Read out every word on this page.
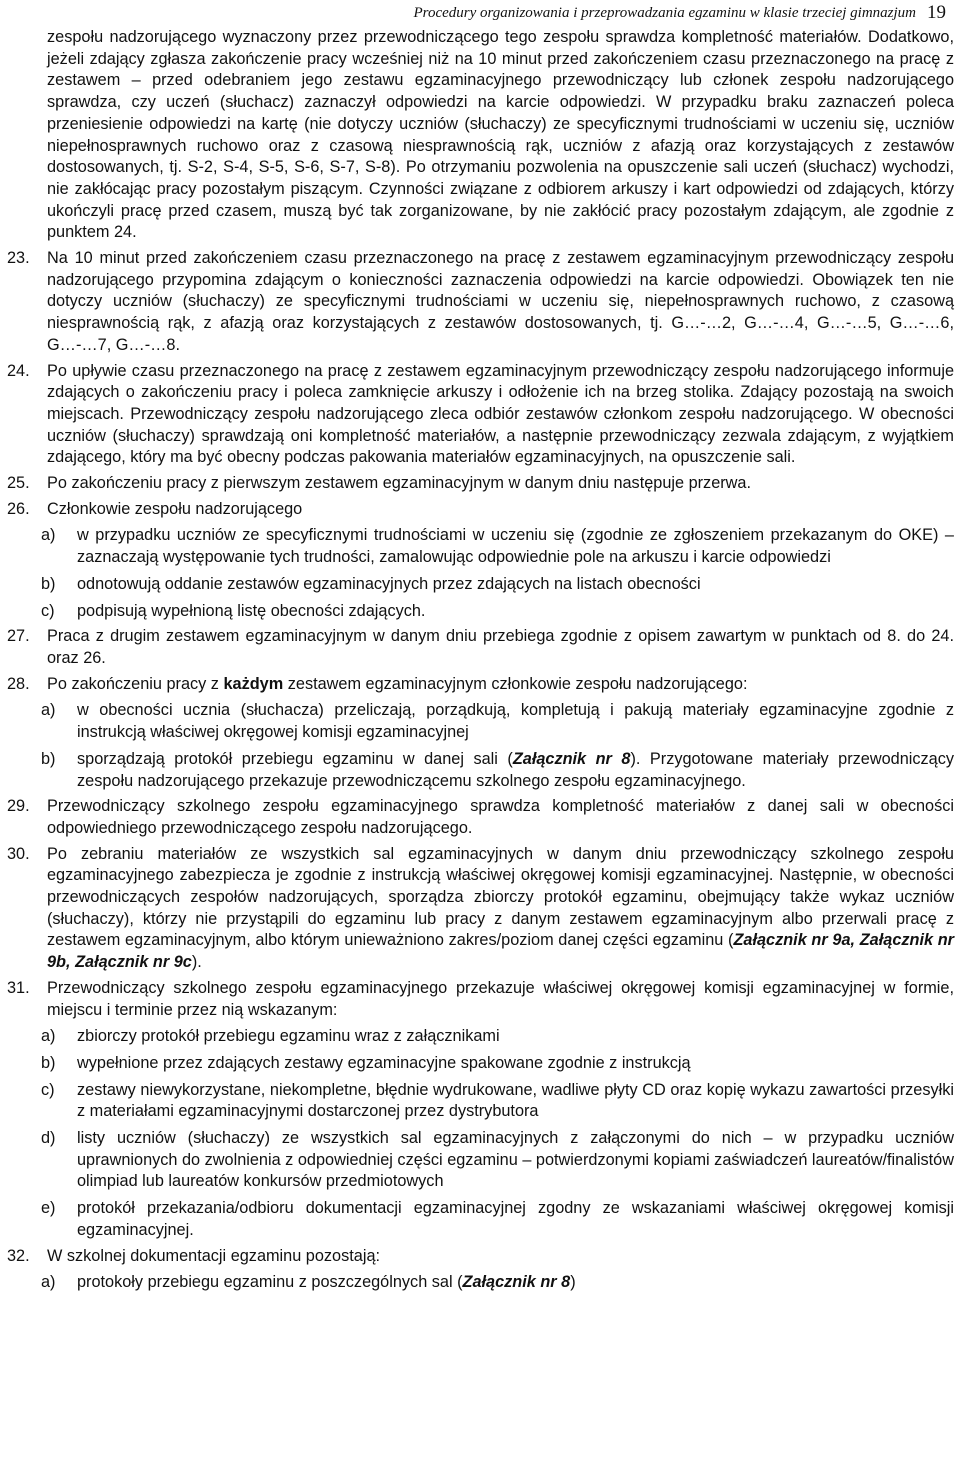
Procedury organizowania i przeprowadzania egzaminu w klasie trzeciej gimnazjum 19

zespołu nadzorującego wyznaczony przez przewodniczącego tego zespołu sprawdza kompletność materiałów. Dodatkowo, jeżeli zdający zgłasza zakończenie pracy wcześniej niż na 10 minut przed zakończeniem czasu przeznaczonego na pracę z zestawem – przed odebraniem jego zestawu egzaminacyjnego przewodniczący lub członek zespołu nadzorującego sprawdza, czy uczeń (słuchacz) zaznaczył odpowiedzi na karcie odpowiedzi. W przypadku braku zaznaczeń poleca przeniesienie odpowiedzi na kartę (nie dotyczy uczniów (słuchaczy) ze specyficznymi trudnościami w uczeniu się, uczniów niepełnosprawnych ruchowo oraz z czasową niesprawnością rąk, uczniów z afazją oraz korzystających z zestawów dostosowanych, tj. S-2, S-4, S-5, S-6, S-7, S-8). Po otrzymaniu pozwolenia na opuszczenie sali uczeń (słuchacz) wychodzi, nie zakłócając pracy pozostałym piszącym. Czynności związane z odbiorem arkuszy i kart odpowiedzi od zdających, którzy ukończyli pracę przed czasem, muszą być tak zorganizowane, by nie zakłócić pracy pozostałym zdającym, ale zgodnie z punktem 24.

23. Na 10 minut przed zakończeniem czasu przeznaczonego na pracę z zestawem egzaminacyjnym przewodniczący zespołu nadzorującego przypomina zdającym o konieczności zaznaczenia odpowiedzi na karcie odpowiedzi. Obowiązek ten nie dotyczy uczniów (słuchaczy) ze specyficznymi trudnościami w uczeniu się, niepełnosprawnych ruchowo, z czasową niesprawnością rąk, z afazją oraz korzystających z zestawów dostosowanych, tj. G…-…2, G…-…4, G…-…5, G…-…6, G…-…7, G…-…8.

24. Po upływie czasu przeznaczonego na pracę z zestawem egzaminacyjnym przewodniczący zespołu nadzorującego informuje zdających o zakończeniu pracy i poleca zamknięcie arkuszy i odłożenie ich na brzeg stolika. Zdający pozostają na swoich miejscach. Przewodniczący zespołu nadzorującego zleca odbiór zestawów członkom zespołu nadzorującego. W obecności uczniów (słuchaczy) sprawdzają oni kompletność materiałów, a następnie przewodniczący zezwala zdającym, z wyjątkiem zdającego, który ma być obecny podczas pakowania materiałów egzaminacyjnych, na opuszczenie sali.

25. Po zakończeniu pracy z pierwszym zestawem egzaminacyjnym w danym dniu następuje przerwa.

26. Członkowie zespołu nadzorującego

a) w przypadku uczniów ze specyficznymi trudnościami w uczeniu się (zgodnie ze zgłoszeniem przekazanym do OKE) – zaznaczają występowanie tych trudności, zamalowując odpowiednie pole na arkuszu i karcie odpowiedzi

b) odnotowują oddanie zestawów egzaminacyjnych przez zdających na listach obecności

c) podpisują wypełnioną listę obecności zdających.

27. Praca z drugim zestawem egzaminacyjnym w danym dniu przebiega zgodnie z opisem zawartym w punktach od 8. do 24. oraz 26.

28. Po zakończeniu pracy z każdym zestawem egzaminacyjnym członkowie zespołu nadzorującego:

a) w obecności ucznia (słuchacza) przeliczają, porządkują, kompletują i pakują materiały egzaminacyjne zgodnie z instrukcją właściwej okręgowej komisji egzaminacyjnej

b) sporządzają protokół przebiegu egzaminu w danej sali (Załącznik nr 8). Przygotowane materiały przewodniczący zespołu nadzorującego przekazuje przewodniczącemu szkolnego zespołu egzaminacyjnego.

29. Przewodniczący szkolnego zespołu egzaminacyjnego sprawdza kompletność materiałów z danej sali w obecności odpowiedniego przewodniczącego zespołu nadzorującego.

30. Po zebraniu materiałów ze wszystkich sal egzaminacyjnych w danym dniu przewodniczący szkolnego zespołu egzaminacyjnego zabezpiecza je zgodnie z instrukcją właściwej okręgowej komisji egzaminacyjnej. Następnie, w obecności przewodniczących zespołów nadzorujących, sporządza zbiorczy protokół egzaminu, obejmujący także wykaz uczniów (słuchaczy), którzy nie przystąpili do egzaminu lub pracy z danym zestawem egzaminacyjnym albo przerwali pracę z zestawem egzaminacyjnym, albo którym unieważniono zakres/poziom danej części egzaminu (Załącznik nr 9a, Załącznik nr 9b, Załącznik nr 9c).

31. Przewodniczący szkolnego zespołu egzaminacyjnego przekazuje właściwej okręgowej komisji egzaminacyjnej w formie, miejscu i terminie przez nią wskazanym:

a) zbiorczy protokół przebiegu egzaminu wraz z załącznikami

b) wypełnione przez zdających zestawy egzaminacyjne spakowane zgodnie z instrukcją

c) zestawy niewykorzystane, niekompletne, błędnie wydrukowane, wadliwe płyty CD oraz kopię wykazu zawartości przesyłki z materiałami egzaminacyjnymi dostarczonej przez dystrybutora

d) listy uczniów (słuchaczy) ze wszystkich sal egzaminacyjnych z załączonymi do nich – w przypadku uczniów uprawnionych do zwolnienia z odpowiedniej części egzaminu – potwierdzonymi kopiami zaświadczeń laureatów/finalistów olimpiad lub laureatów konkursów przedmiotowych

e) protokół przekazania/odbioru dokumentacji egzaminacyjnej zgodny ze wskazaniami właściwej okręgowej komisji egzaminacyjnej.

32. W szkolnej dokumentacji egzaminu pozostają:

a) protokoły przebiegu egzaminu z poszczególnych sal (Załącznik nr 8)
